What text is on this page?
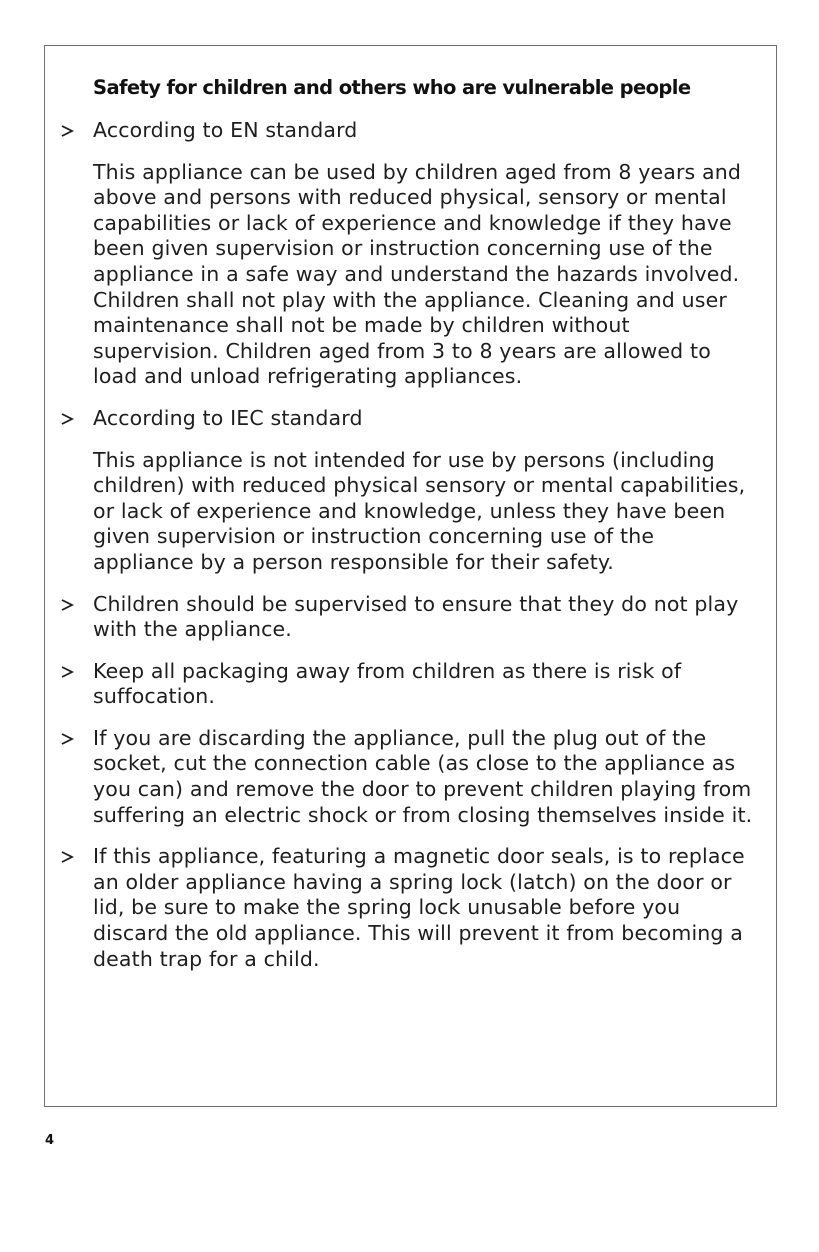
Safety for children and others who are vulnerable people
According to EN standard
This appliance can be used by children aged from 8 years and above and persons with reduced physical, sensory or mental capabilities or lack of experience and knowledge if they have been given supervision or instruction concerning use of the appliance in a safe way and understand the hazards involved. Children shall not play with the appliance. Cleaning and user maintenance shall not be made by children without supervision. Children aged from 3 to 8 years are allowed to load and unload refrigerating appliances.
According to IEC standard
This appliance is not intended for use by persons (including children) with reduced physical sensory or mental capabilities, or lack of experience and knowledge, unless they have been given supervision or instruction concerning use of the appliance by a person responsible for their safety.
Children should be supervised to ensure that they do not play with the appliance.
Keep all packaging away from children as there is risk of suffocation.
If you are discarding the appliance, pull the plug out of the socket, cut the connection cable (as close to the appliance as you can) and remove the door to prevent children playing from suffering an electric shock or from closing themselves inside it.
If this appliance, featuring a magnetic door seals, is to replace an older appliance having a spring lock (latch) on the door or lid, be sure to make the spring lock unusable before you discard the old appliance. This will prevent it from becoming a death trap for a child.
4
